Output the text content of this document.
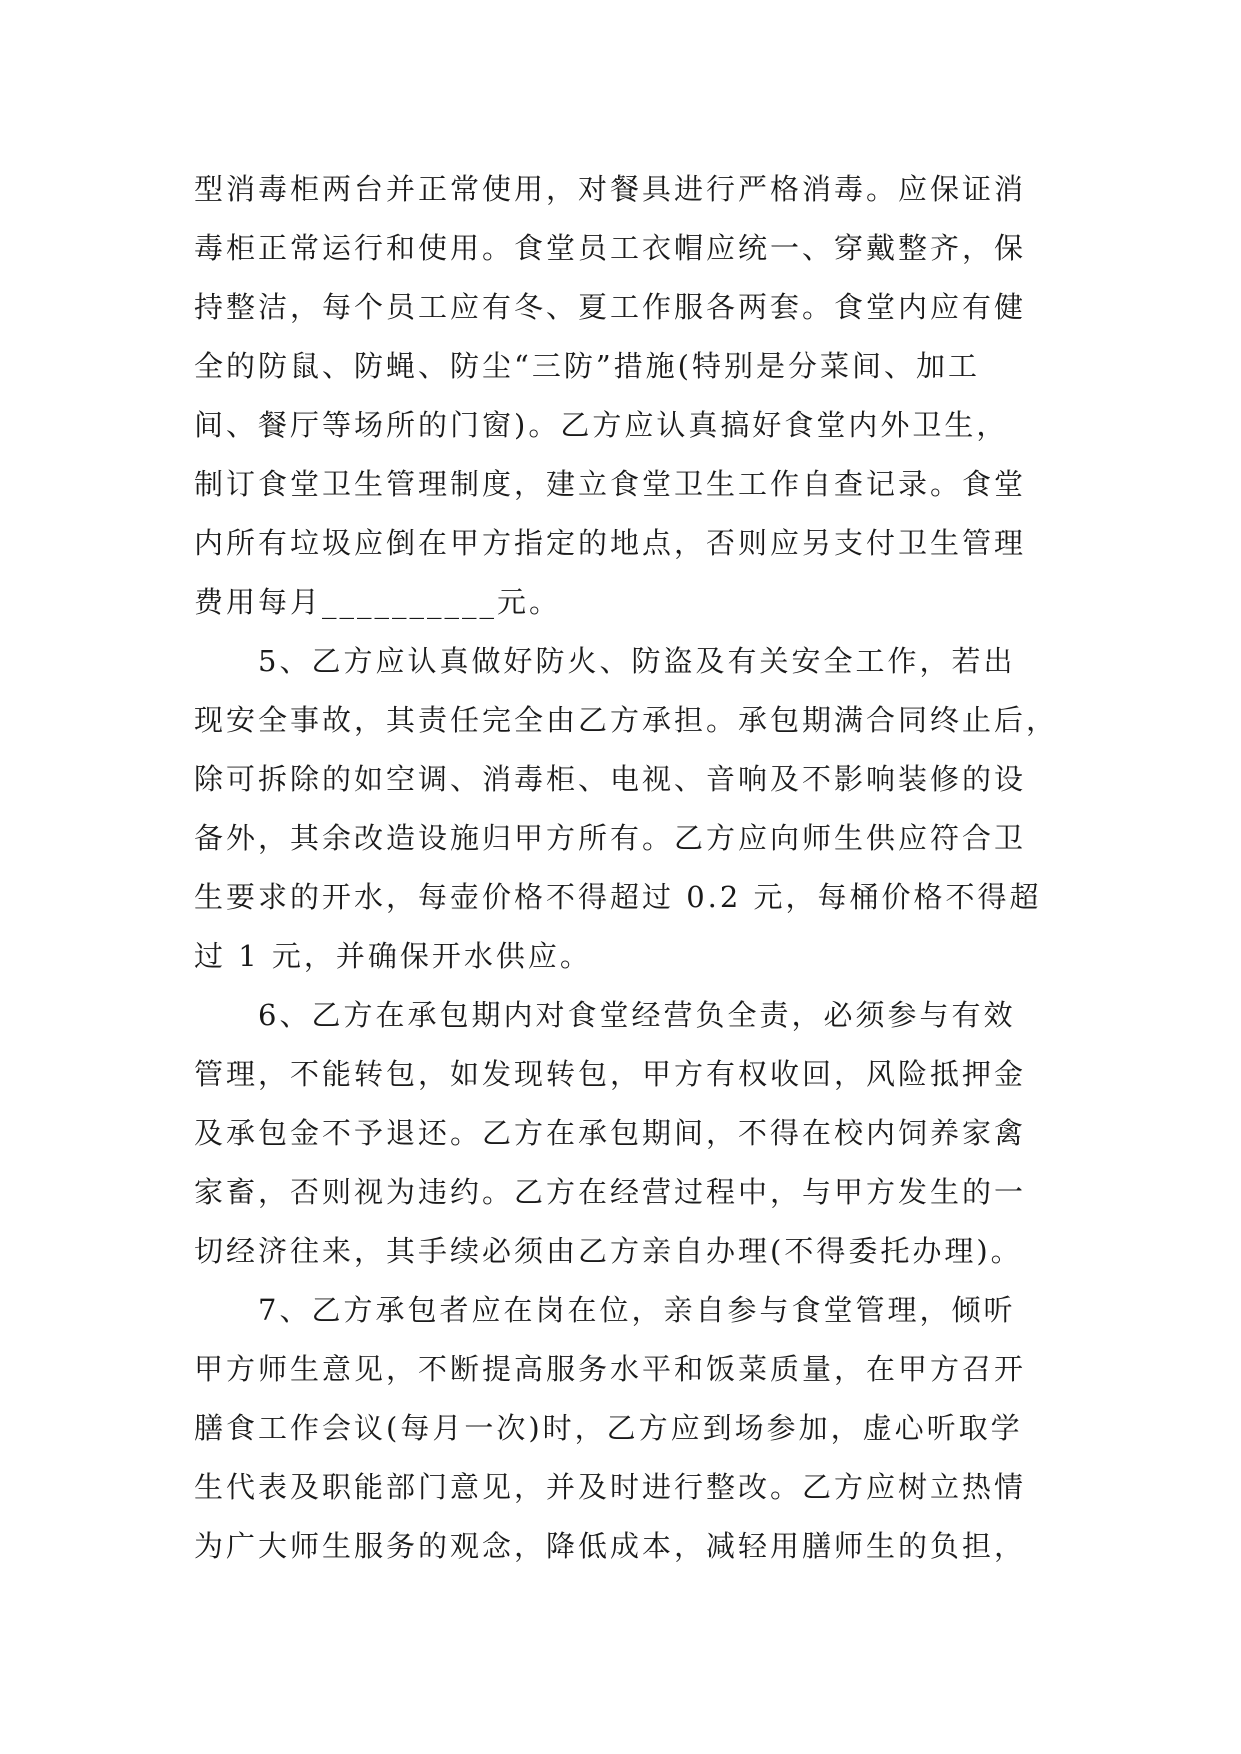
型消毒柜两台并正常使用，对餐具进行严格消毒。应保证消
毒柜正常运行和使用。食堂员工衣帽应统一、穿戴整齐，保
持整洁，每个员工应有冬、夏工作服各两套。食堂内应有健
全的防鼠、防蝇、防尘“三防”措施(特别是分菜间、加工
间、餐厅等场所的门窗)。乙方应认真搞好食堂内外卫生，
制订食堂卫生管理制度，建立食堂卫生工作自查记录。食堂
内所有垃圾应倒在甲方指定的地点，否则应另支付卫生管理
费用每月__________元。
5、乙方应认真做好防火、防盗及有关安全工作，若出
现安全事故，其责任完全由乙方承担。承包期满合同终止后，
除可拆除的如空调、消毒柜、电视、音响及不影响装修的设
备外，其余改造设施归甲方所有。乙方应向师生供应符合卫
生要求的开水，每壶价格不得超过 0.2 元，每桶价格不得超
过 1 元，并确保开水供应。
6、乙方在承包期内对食堂经营负全责，必须参与有效
管理，不能转包，如发现转包，甲方有权收回，风险抵押金
及承包金不予退还。乙方在承包期间，不得在校内饲养家禽
家畜，否则视为违约。乙方在经营过程中，与甲方发生的一
切经济往来，其手续必须由乙方亲自办理(不得委托办理)。
7、乙方承包者应在岗在位，亲自参与食堂管理，倾听
甲方师生意见，不断提高服务水平和饭菜质量，在甲方召开
膳食工作会议(每月一次)时，乙方应到场参加，虚心听取学
生代表及职能部门意见，并及时进行整改。乙方应树立热情
为广大师生服务的观念，降低成本，减轻用膳师生的负担，
